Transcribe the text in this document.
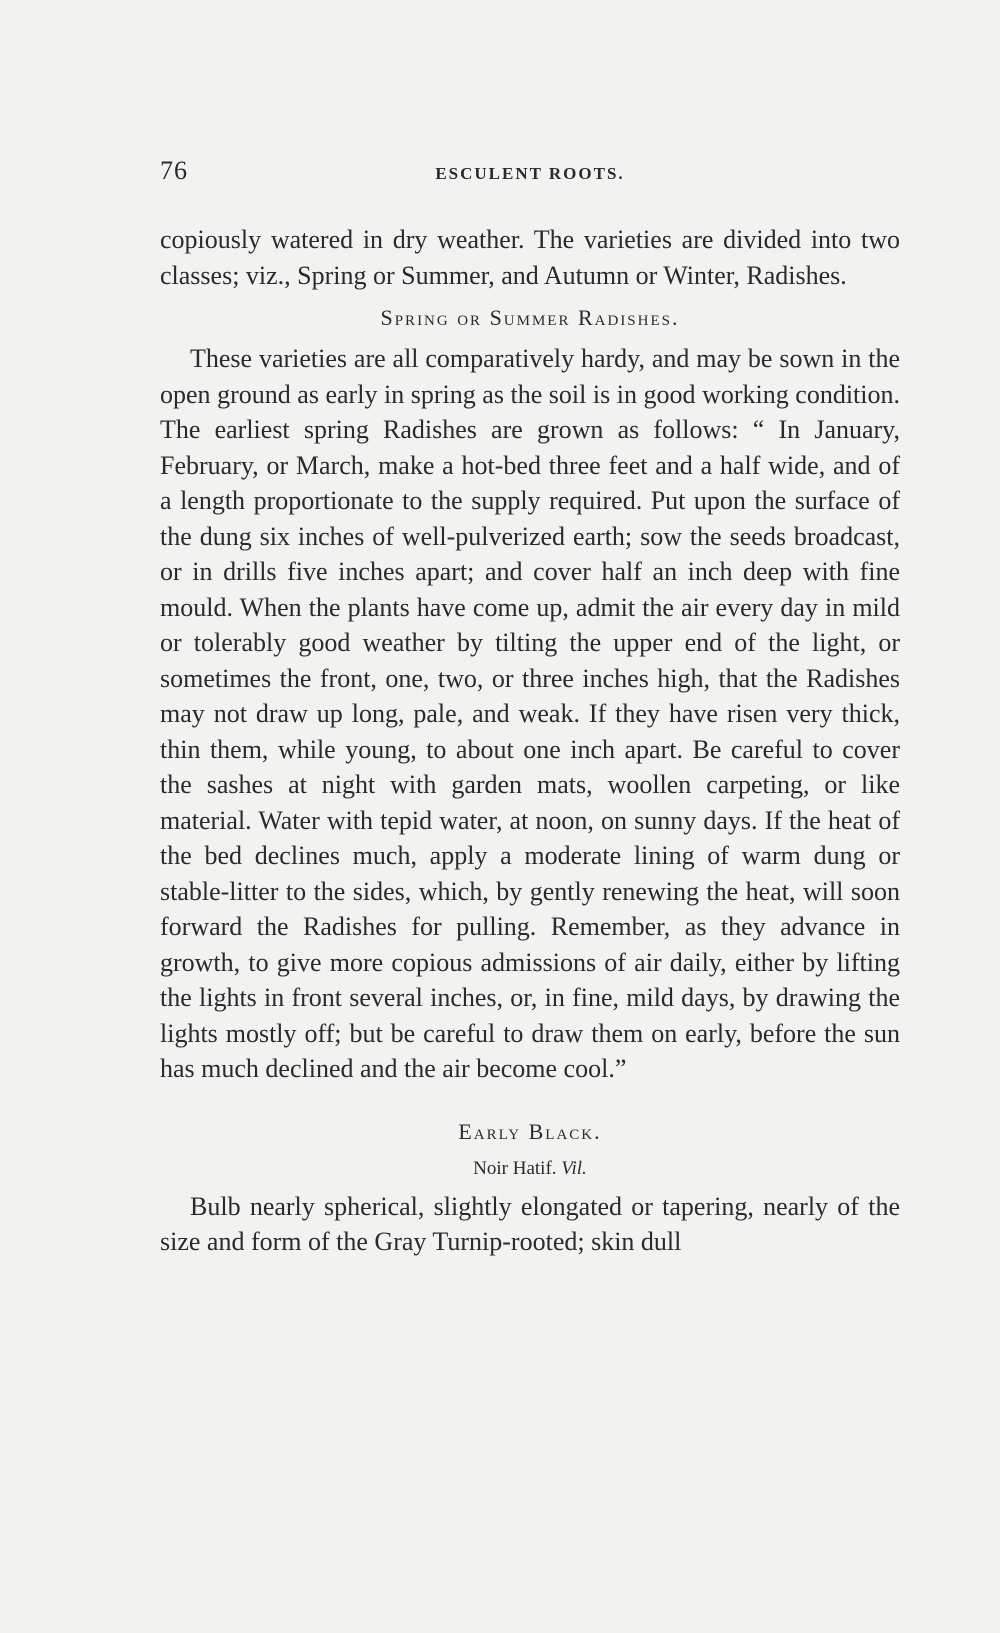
76	ESCULENT ROOTS.

copiously watered in dry weather. The varieties are divided into two classes; viz., Spring or Summer, and Autumn or Winter, Radishes.

Spring or Summer Radishes.

These varieties are all comparatively hardy, and may be sown in the open ground as early in spring as the soil is in good working condition. The earliest spring Radishes are grown as follows: “ In January, February, or March, make a hot-bed three feet and a half wide, and of a length proportionate to the supply required. Put upon the surface of the dung six inches of well-pulverized earth; sow the seeds broadcast, or in drills five inches apart; and cover half an inch deep with fine mould. When the plants have come up, admit the air every day in mild or tolerably good weather by tilting the upper end of the light, or sometimes the front, one, two, or three inches high, that the Radishes may not draw up long, pale, and weak. If they have risen very thick, thin them, while young, to about one inch apart. Be careful to cover the sashes at night with garden mats, woollen carpeting, or like material. Water with tepid water, at noon, on sunny days. If the heat of the bed declines much, apply a moderate lining of warm dung or stable-litter to the sides, which, by gently renewing the heat, will soon forward the Radishes for pulling. Remember, as they advance in growth, to give more copious admissions of air daily, either by lifting the lights in front several inches, or, in fine, mild days, by drawing the lights mostly off; but be careful to draw them on early, before the sun has much declined and the air become cool.”

Early Black.
Noir Hatif. Vil.

Bulb nearly spherical, slightly elongated or tapering, nearly of the size and form of the Gray Turnip-rooted; skin dull
